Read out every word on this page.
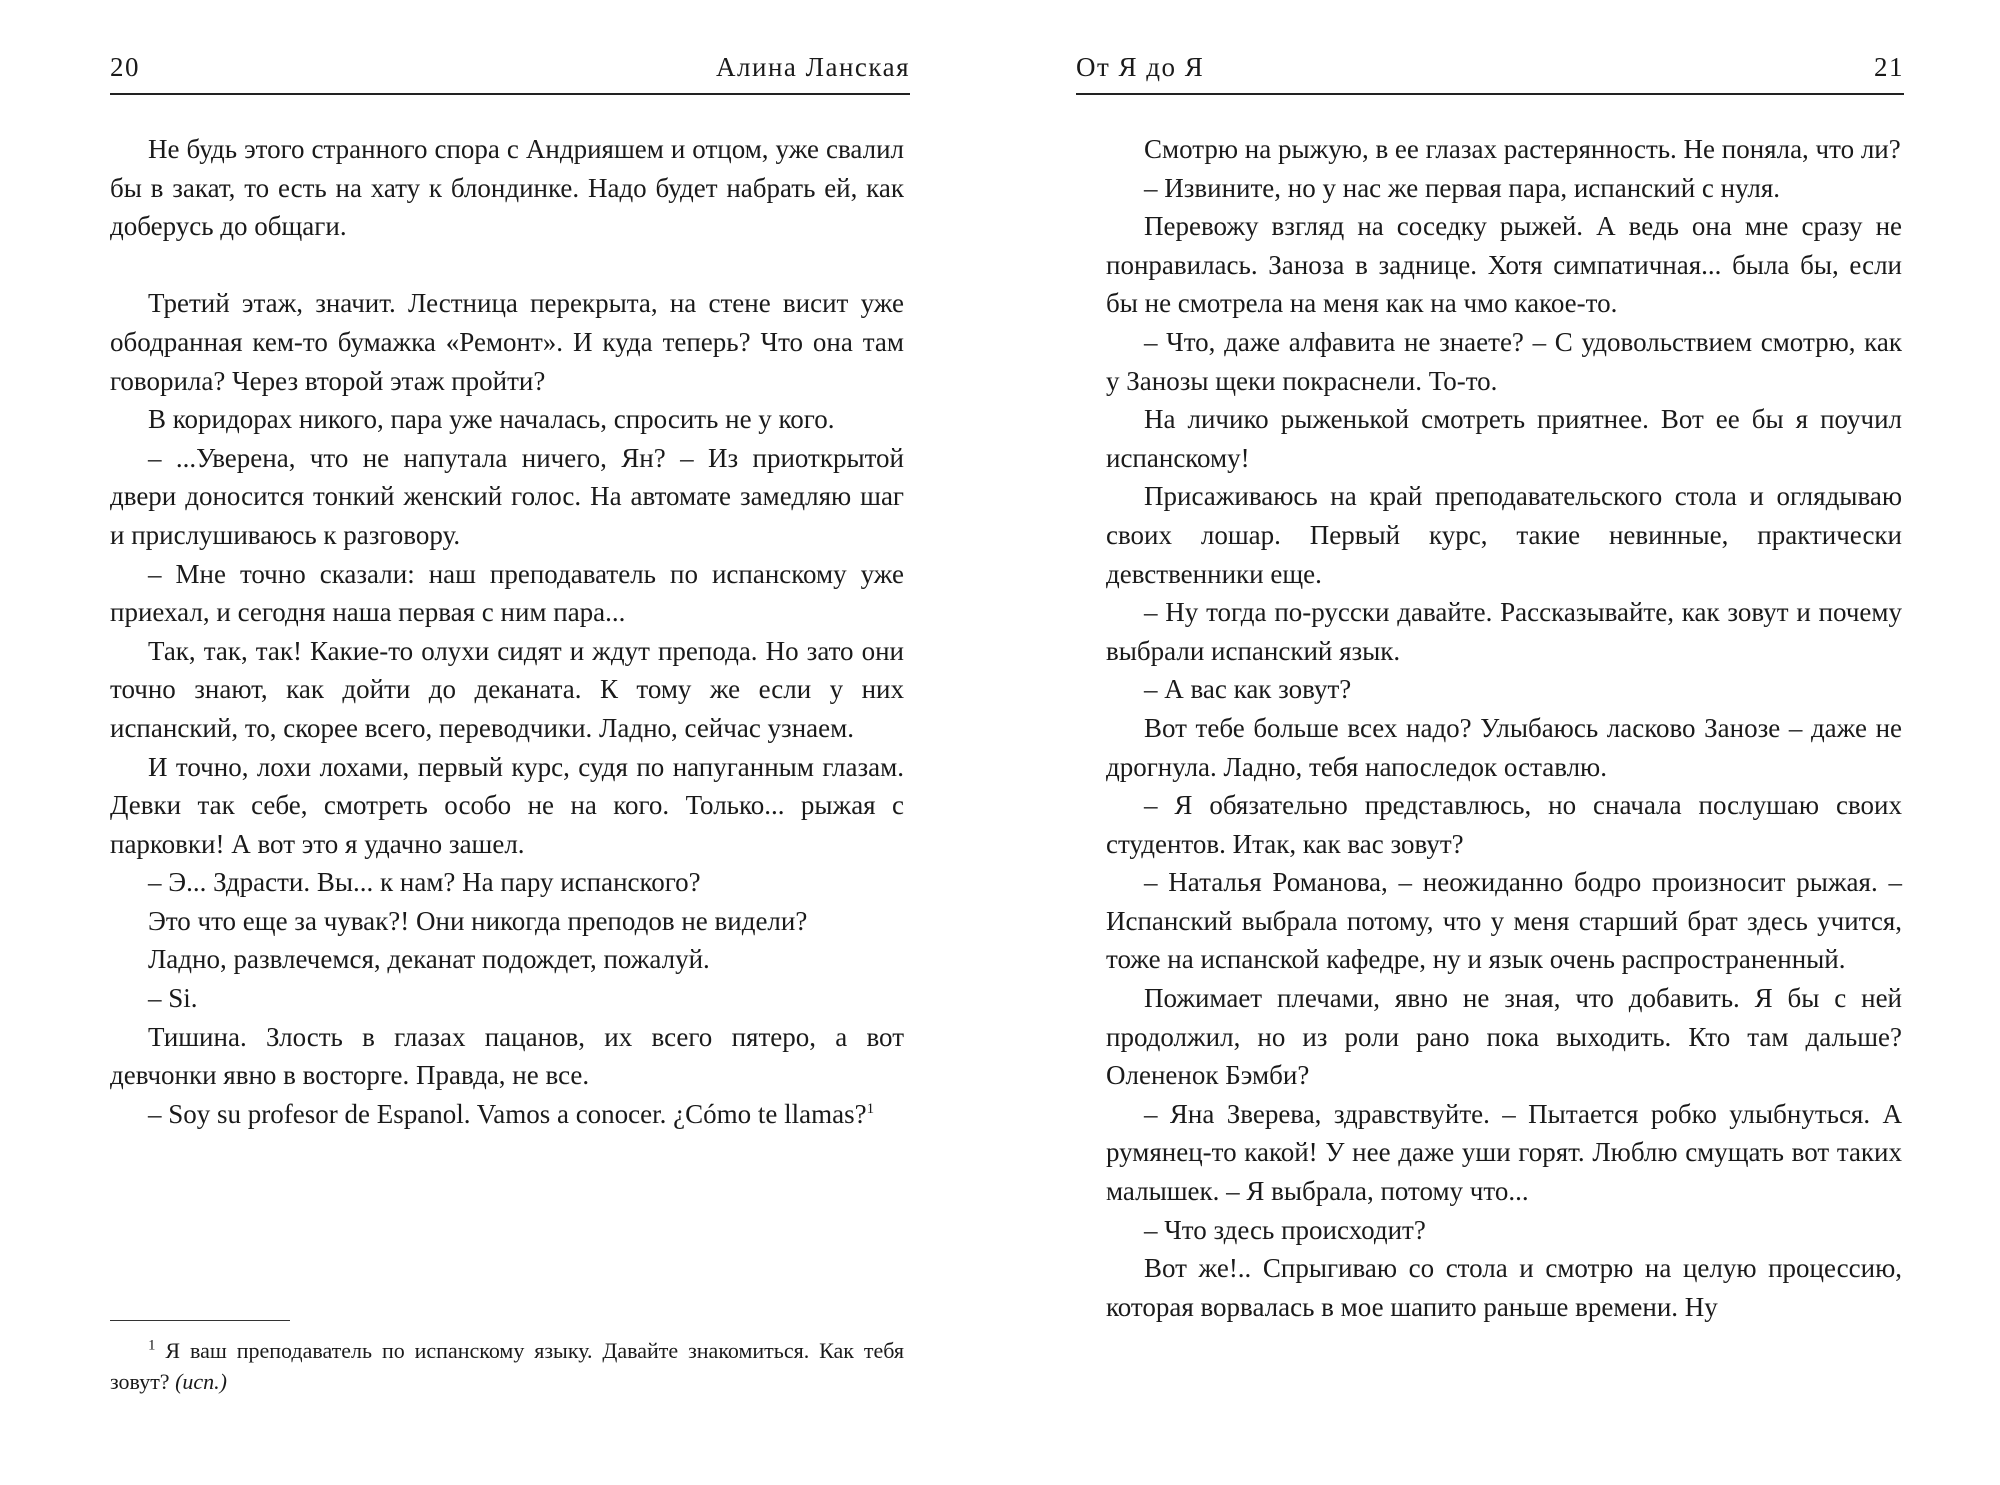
20	Алина Ланская

Не будь этого странного спора с Андрияшем и отцом, уже свалил бы в закат, то есть на хату к блондинке. Надо будет набрать ей, как доберусь до общаги.

Третий этаж, значит. Лестница перекрыта, на стене висит уже ободранная кем-то бумажка «Ремонт». И куда теперь? Что она там говорила? Через второй этаж пройти?

В коридорах никого, пара уже началась, спросить не у кого.

– ...Уверена, что не напутала ничего, Ян? – Из приоткрытой двери доносится тонкий женский голос. На автомате замедляю шаг и прислушиваюсь к разговору.

– Мне точно сказали: наш преподаватель по испанскому уже приехал, и сегодня наша первая с ним пара...

Так, так, так! Какие-то олухи сидят и ждут препода. Но зато они точно знают, как дойти до деканата. К тому же если у них испанский, то, скорее всего, переводчики. Ладно, сейчас узнаем.

И точно, лохи лохами, первый курс, судя по напуганным глазам. Девки так себе, смотреть особо не на кого. Только... рыжая с парковки! А вот это я удачно зашел.

– Э... Здрасти. Вы... к нам? На пару испанского?

Это что еще за чувак?! Они никогда преподов не видели?

Ладно, развлечемся, деканат подождет, пожалуй.

– Si.

Тишина. Злость в глазах пацанов, их всего пятеро, а вот девчонки явно в восторге. Правда, не все.

– Soy su profesor de Espanol. Vamos a conocer. ¿Cómo te llamas?$^1$

$^1$ Я ваш преподаватель по испанскому языку. Давайте знакомиться. Как тебя зовут? (исп.)

От Я до Я	21

Смотрю на рыжую, в ее глазах растерянность. Не поняла, что ли?

– Извините, но у нас же первая пара, испанский с нуля.

Перевожу взгляд на соседку рыжей. А ведь она мне сразу не понравилась. Заноза в заднице. Хотя симпатичная... была бы, если бы не смотрела на меня как на чмо какое-то.

– Что, даже алфавита не знаете? – С удовольствием смотрю, как у Занозы щеки покраснели. То-то.

На личико рыженькой смотреть приятнее. Вот ее бы я поучил испанскому!

Присаживаюсь на край преподавательского стола и оглядываю своих лошар. Первый курс, такие невинные, практически девственники еще.

– Ну тогда по-русски давайте. Рассказывайте, как зовут и почему выбрали испанский язык.

– А вас как зовут?

Вот тебе больше всех надо? Улыбаюсь ласково Занозе – даже не дрогнула. Ладно, тебя напоследок оставлю.

– Я обязательно представлюсь, но сначала послушаю своих студентов. Итак, как вас зовут?

– Наталья Романова, – неожиданно бодро произносит рыжая. – Испанский выбрала потому, что у меня старший брат здесь учится, тоже на испанской кафедре, ну и язык очень распространенный.

Пожимает плечами, явно не зная, что добавить. Я бы с ней продолжил, но из роли рано пока выходить. Кто там дальше? Олененок Бэмби?

– Яна Зверева, здравствуйте. – Пытается робко улыбнуться. А румянец-то какой! У нее даже уши горят. Люблю смущать вот таких малышек. – Я выбрала, потому что...

– Что здесь происходит?

Вот же!.. Спрыгиваю со стола и смотрю на целую процессию, которая ворвалась в мое шапито раньше времени. Ну
